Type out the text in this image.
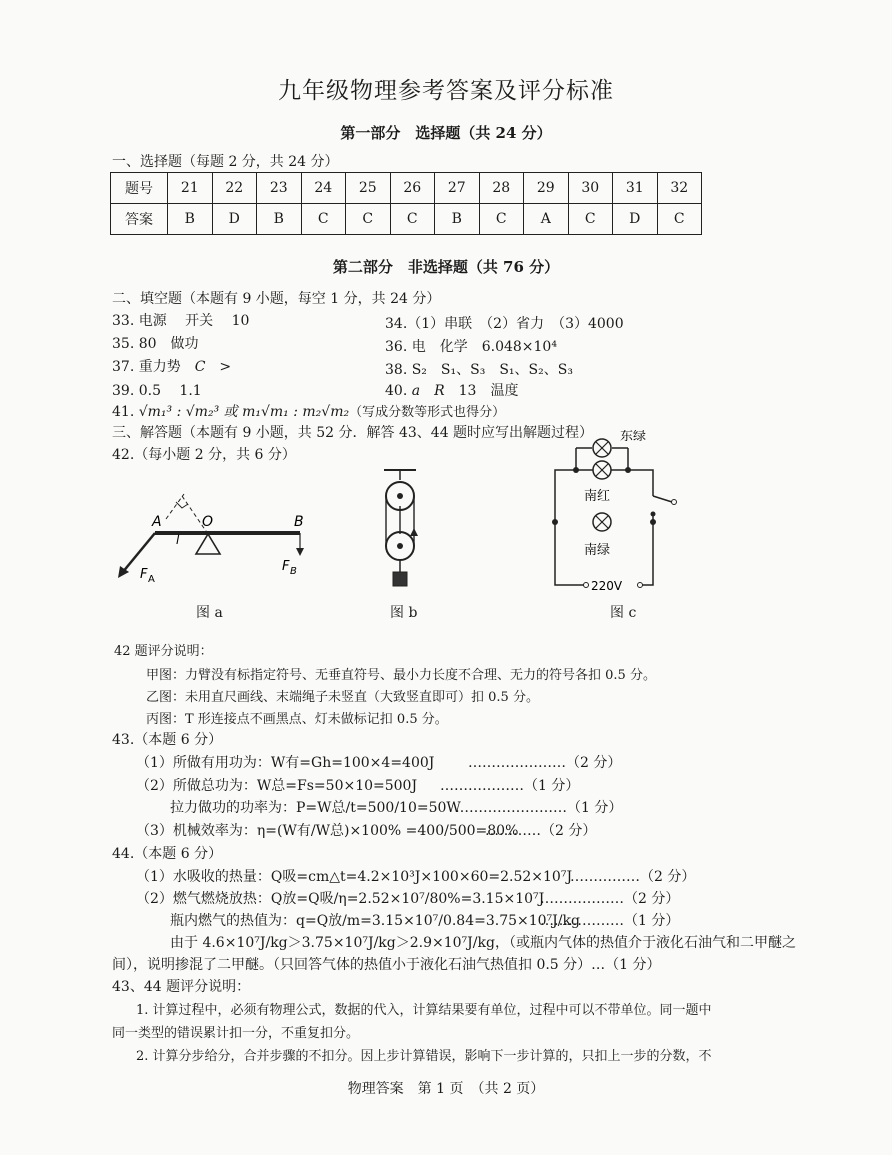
九年级物理参考答案及评分标准
第一部分　选择题（共 24 分）
一、选择题（每题 2 分，共 24 分）
题号	21	22	23	24	25	26	27	28	29	30	31	32
答案	B	D	B	C	C	C	B	C	A	C	D	C
第二部分　非选择题（共 76 分）
二、填空题（本题有 9 小题，每空 1 分，共 24 分）
33. 电源　 开关　 10	34.（1）串联　（2）省力　（3）4000
35. 80　做功	36. 电　化学　6.048×10⁴
37. 重力势　C　>	38. S₂　S₁、S₃　S₁、S₂、S₃
39. 0.5　 1.1	40. a　 R　13　温度
41. √m₁³ : √m₂³ 或 m₁√m₁ : m₂√m₂（写成分数等形式也得分）
三、解答题（本题有 9 小题，共 52 分．解答 43、44 题时应写出解题过程）
42.（每小题 2 分，共 6 分）
A	O	B
l
F A
F B
图 a	图 b
东绿
南红
南绿
220V
图 c
42 题评分说明：
甲图：力臂没有标指定符号、无垂直符号、最小力长度不合理、无力的符号各扣 0.5 分。
乙图：未用直尺画线、末端绳子未竖直（大致竖直即可）扣 0.5 分。
丙图：T 形连接点不画黑点、灯未做标记扣 0.5 分。
43.（本题 6 分）
（1）所做有用功为：W有=Gh=100×4=400J …………………（2 分）
（2）所做总功为：W总=Fs=50×10=500J ………………（1 分）
拉力做功的功率为：P=W总/t=500/10=50W
……………………（1 分）
（3）机械效率为：η=(W有/W总)×100% =400/500=80%
…………（2 分）
44.（本题 6 分）
（1）水吸收的热量：Q吸=cm△t=4.2×10³J×100×60=2.52×10⁷J
……………（2 分）
（2）燃气燃烧放热：Q放=Q吸/η=2.52×10⁷/80%=3.15×10⁷J
………………（2 分）
瓶内燃气的热值为：q=Q放/m=3.15×10⁷/0.84=3.75×10⁷J/kg
………………（1 分）
由于 4.6×10⁷J/kg＞3.75×10⁷J/kg＞2.9×10⁷J/kg，（或瓶内气体的热值介于液化石油气和二甲醚之
间），说明掺混了二甲醚。（只回答气体的热值小于液化石油气热值扣 0.5 分）…（1 分）
43、44 题评分说明：
1. 计算过程中，必须有物理公式，数据的代入，计算结果要有单位，过程中可以不带单位。同一题中
同一类型的错误累计扣一分，不重复扣分。
2. 计算分步给分，合并步骤的不扣分。因上步计算错误，影响下一步计算的，只扣上一步的分数，不
物理答案　第 1 页　（共 2 页）
